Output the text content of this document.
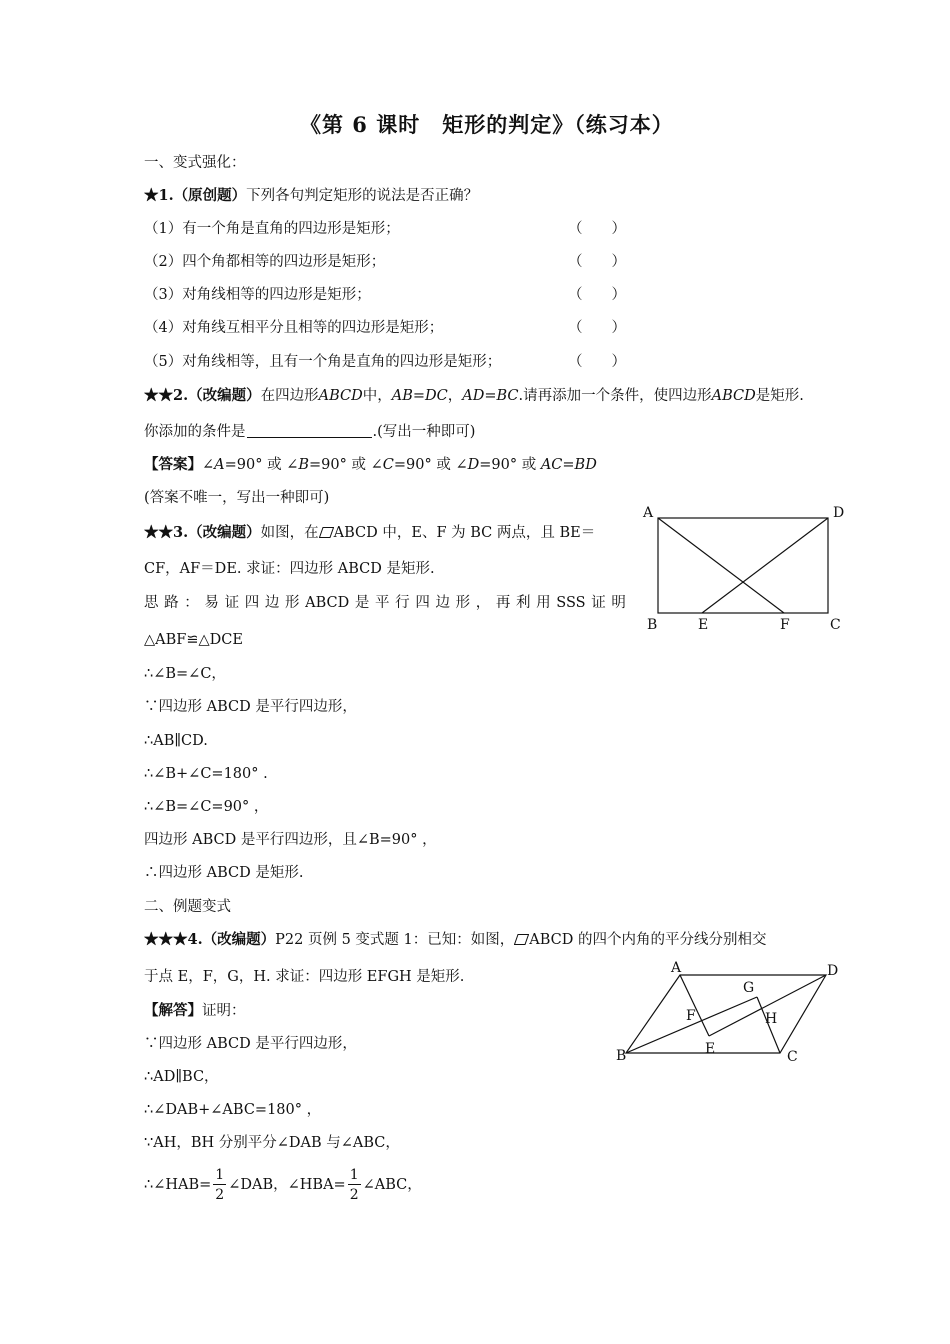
《第 6 课时　矩形的判定》（练习本）
一、变式强化：
★1.（原创题）下列各句判定矩形的说法是否正确？
（1）有一个角是直角的四边形是矩形；	（　　）
（2）四个角都相等的四边形是矩形；	（　　）
（3）对角线相等的四边形是矩形；	（　　）
（4）对角线互相平分且相等的四边形是矩形；	（　　）
（5）对角线相等，且有一个角是直角的四边形是矩形；	（　　）
★★2.（改编题）在四边形ABCD中，AB=DC，AD=BC.请再添加一个条件，使四边形ABCD是矩形.
你添加的条件是	.(写出一种即可)
【答案】∠A=90° 或 ∠B=90° 或 ∠C=90° 或 ∠D=90° 或 AC=BD
(答案不唯一，写出一种即可)
★★3.（改编题）如图，在 ABCD 中，E、F 为 BC 两点，且 BE＝
CF，AF＝DE. 求证：四边形 ABCD 是矩形.
思 路 ： 易 证 四 边 形 ABCD 是 平 行 四 边 形 ， 再 利 用 SSS 证 明
△ABF≌△DCE
∴∠B=∠C，
∵四边形 ABCD 是平行四边形，
∴AB∥CD.
∴∠B+∠C=180° .
∴∠B=∠C=90° ，
四边形 ABCD 是平行四边形，且∠B=90° ，
∴四边形 ABCD 是矩形.
A	D
B	E	F	C
二、例题变式
★★★4.（改编题）P22 页例 5 变式题 1：已知：如图， ABCD 的四个内角的平分线分别相交
于点 E，F，G，H. 求证：四边形 EFGH 是矩形.
【解答】证明：
∵四边形 ABCD 是平行四边形，
∴AD∥BC，
∴∠DAB+∠ABC=180° ，
∵AH，BH 分别平分∠DAB 与∠ABC，
∴∠HAB= $\frac{1}{2}$ ∠DAB，∠HBA= $\frac{1}{2}$ ∠ABC，
A	D
B	C
G
F	H
E
